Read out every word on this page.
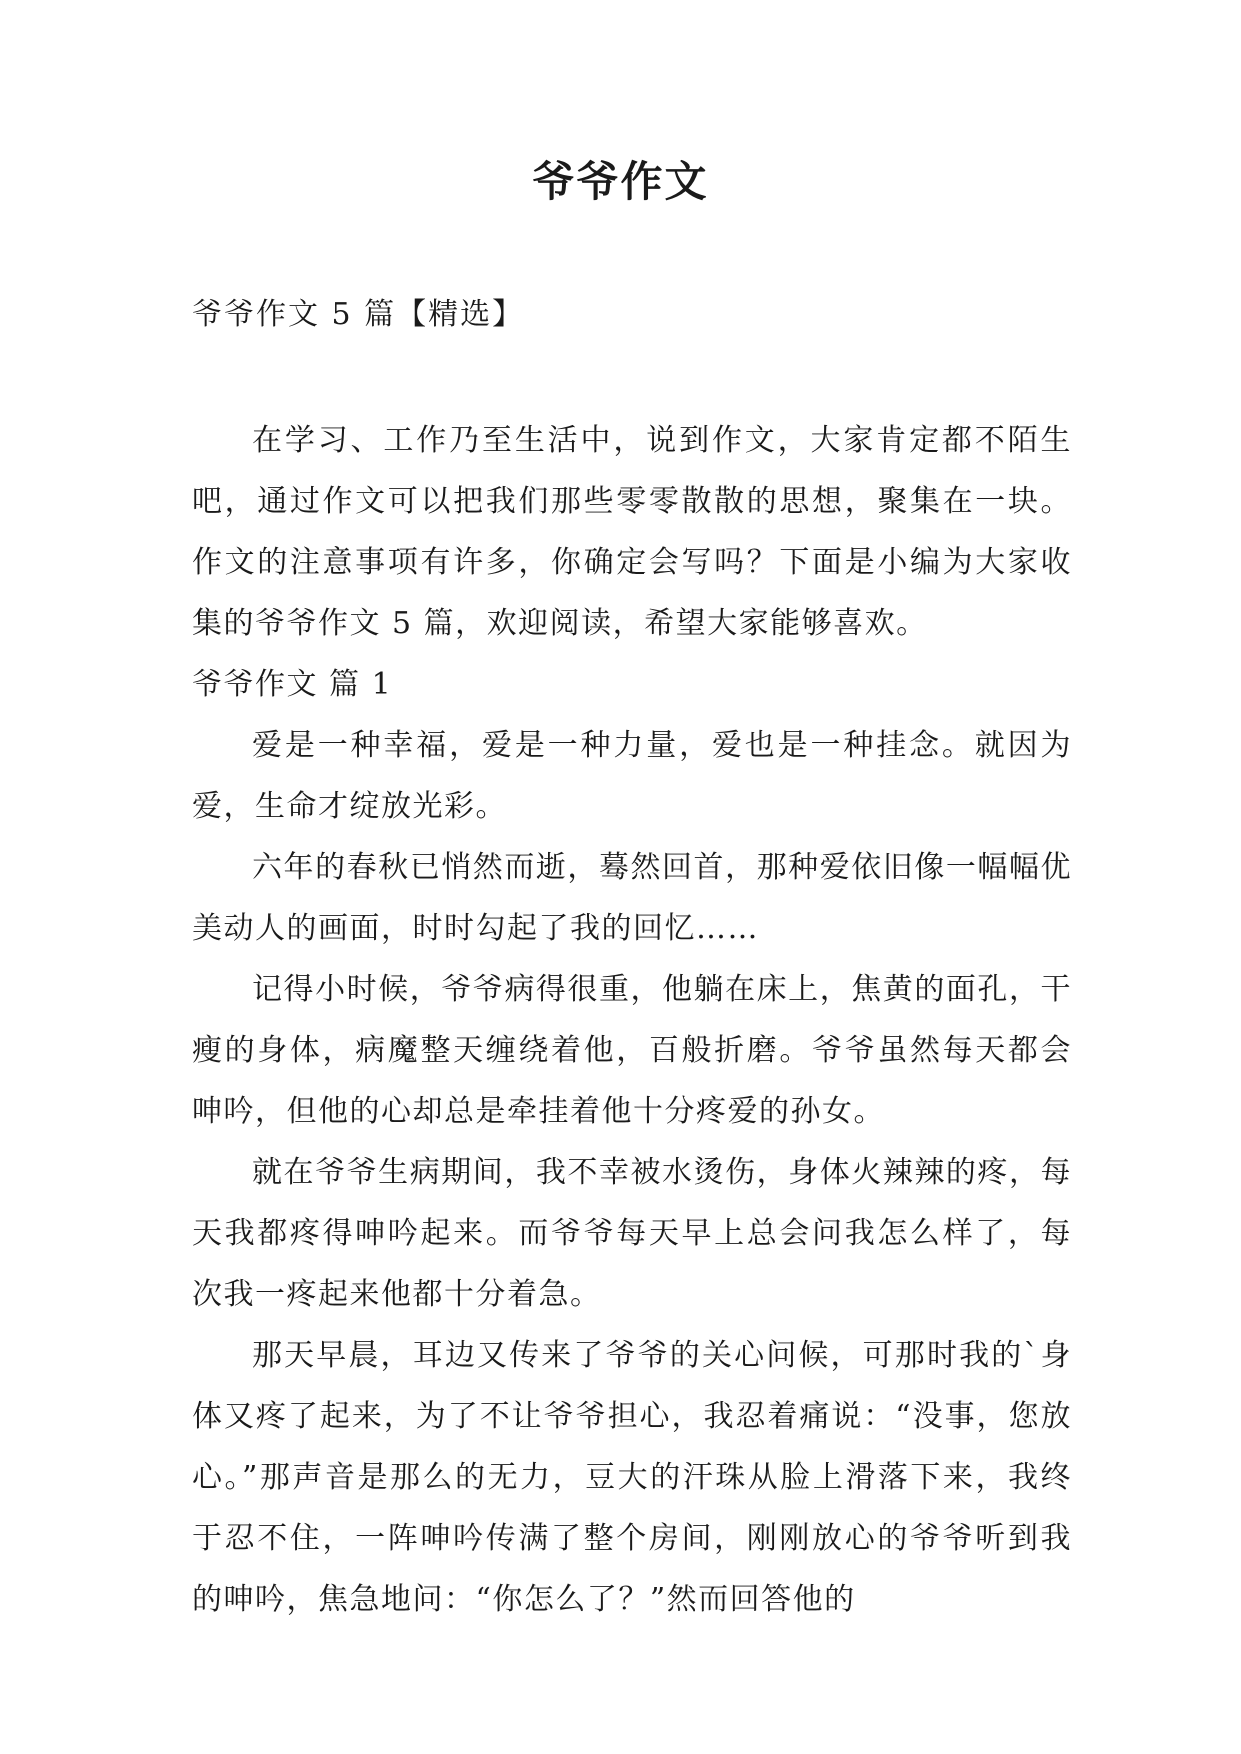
爷爷作文

爷爷作文 5 篇【精选】

在学习、工作乃至生活中，说到作文，大家肯定都不陌生吧，通过作文可以把我们那些零零散散的思想，聚集在一块。作文的注意事项有许多，你确定会写吗？下面是小编为大家收集的爷爷作文 5 篇，欢迎阅读，希望大家能够喜欢。

爷爷作文 篇 1

爱是一种幸福，爱是一种力量，爱也是一种挂念。就因为爱，生命才绽放光彩。

六年的春秋已悄然而逝，蓦然回首，那种爱依旧像一幅幅优美动人的画面，时时勾起了我的回忆……

记得小时候，爷爷病得很重，他躺在床上，焦黄的面孔，干瘦的身体，病魔整天缠绕着他，百般折磨。爷爷虽然每天都会呻吟，但他的心却总是牵挂着他十分疼爱的孙女。

就在爷爷生病期间，我不幸被水烫伤，身体火辣辣的疼，每天我都疼得呻吟起来。而爷爷每天早上总会问我怎么样了，每次我一疼起来他都十分着急。

那天早晨，耳边又传来了爷爷的关心问候，可那时我的`身体又疼了起来，为了不让爷爷担心，我忍着痛说：“没事，您放心。”那声音是那么的无力，豆大的汗珠从脸上滑落下来，我终于忍不住，一阵呻吟传满了整个房间，刚刚放心的爷爷听到我的呻吟，焦急地问：“你怎么了？”然而回答他的
